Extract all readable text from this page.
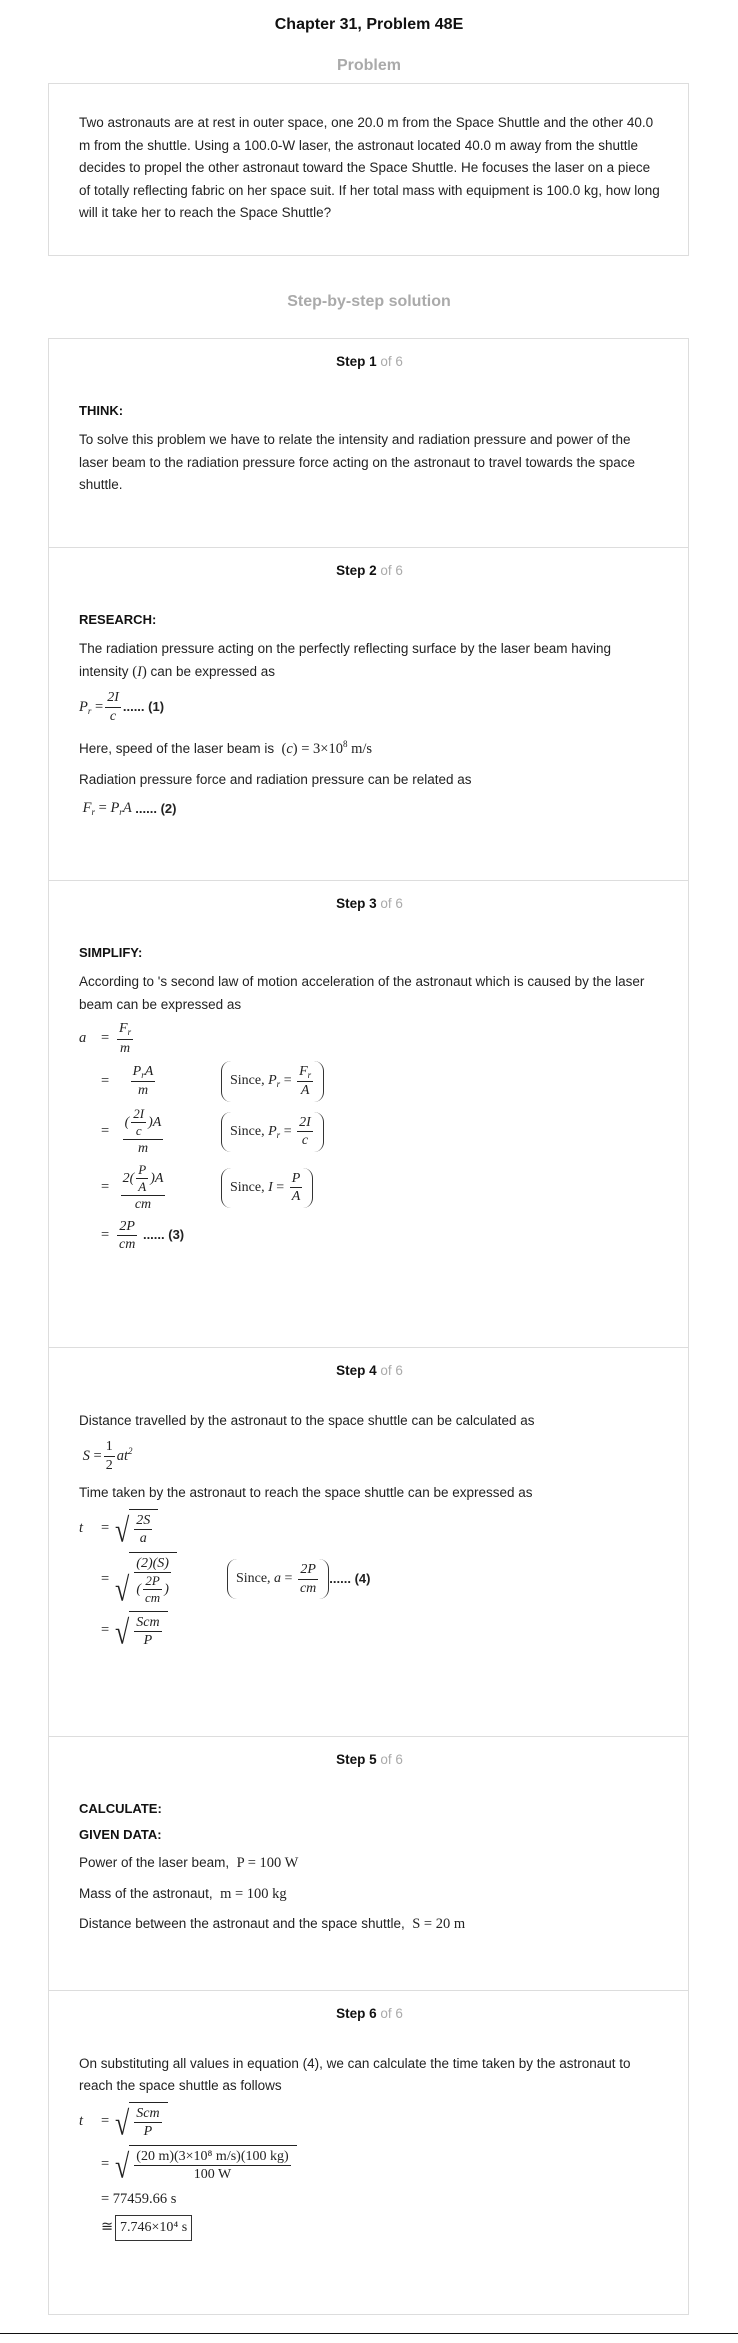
Chapter 31, Problem 48E
Problem
Two astronauts are at rest in outer space, one 20.0 m from the Space Shuttle and the other 40.0 m from the shuttle. Using a 100.0-W laser, the astronaut located 40.0 m away from the shuttle decides to propel the other astronaut toward the Space Shuttle. He focuses the laser on a piece of totally reflecting fabric on her space suit. If her total mass with equipment is 100.0 kg, how long will it take her to reach the Space Shuttle?
Step-by-step solution
Step 1 of 6
THINK:
To solve this problem we have to relate the intensity and radiation pressure and power of the laser beam to the radiation pressure force acting on the astronaut to travel towards the space shuttle.
Step 2 of 6
RESEARCH:
The radiation pressure acting on the perfectly reflecting surface by the laser beam having intensity (I) can be expressed as
$P_r = \frac{2I}{c}$ ...... (1)
Here, speed of the laser beam is  $(c) = 3\times 10^8$ m/s
Radiation pressure force and radiation pressure can be related as
$F_r = P_rA$
...... (2)
Step 3 of 6
SIMPLIFY:
According to 's second law of motion acceleration of the astronaut which is caused by the laser beam can be expressed as
a	= $\frac{F_r}{m}$
= $\frac{P_rA}{m}$	Since,
$P_r = \frac{F_r}{A}$
= $\frac{( \frac{2I}{c} )A}{m}$	Since,
$P_r = \frac{2I}{c}$
= $\frac{2( \frac{P}{A} )A}{cm}$	Since,
$I = \frac{P}{A}$
= $\frac{2P}{cm}$
...... (3)
Step 4 of 6
Distance travelled by the astronaut to the space shuttle can be calculated as
$S = \frac{1}{2} at^2$
Time taken by the astronaut to reach the space shuttle can be expressed as
t	= √ $\frac{2S}{a}$
= √ $\frac{(2)(S)}{( \frac{2P}{cm} )}$	Since,
$a = \frac{2P}{cm}$ ...... (4)
= √ $\frac{\text{Scm}}{P}$
Step 5 of 6
CALCULATE:
GIVEN DATA:
Power of the laser beam, P = 100 W
Mass of the astronaut, m = 100 kg
Distance between the astronaut and the space shuttle, S = 20 m
Step 6 of 6
On substituting all values in equation (4), we can calculate the time taken by the astronaut to reach the space shuttle as follows
t	= √ $\frac{\text{Scm}}{P}$
= √ $\frac{\text{(20 m)(3×10⁸ m/s)(100 kg)}}{100 W}$
= 77459.66 s
≅ 7.746×10⁴ s
